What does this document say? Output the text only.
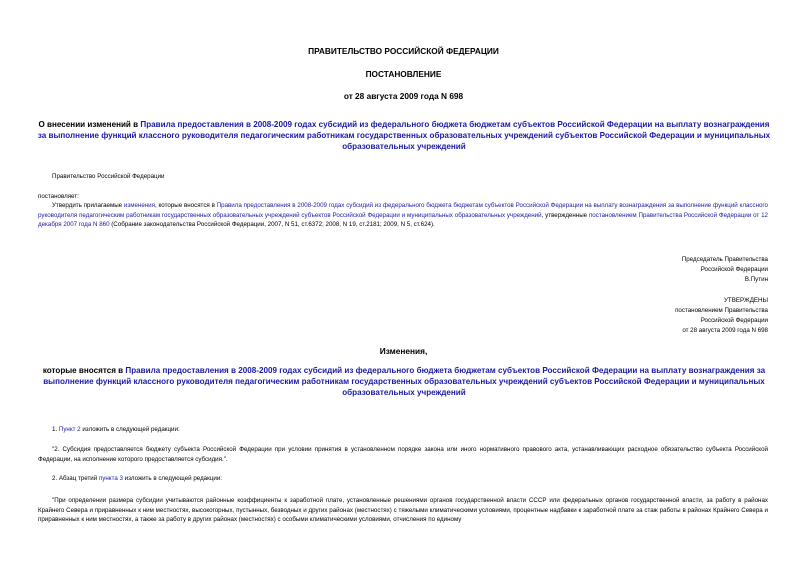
ПРАВИТЕЛЬСТВО РОССИЙСКОЙ ФЕДЕРАЦИИ
ПОСТАНОВЛЕНИЕ
от 28 августа 2009 года N 698
О внесении изменений в Правила предоставления в 2008-2009 годах субсидий из федерального бюджета бюджетам субъектов Российской Федерации на выплату вознаграждения за выполнение функций классного руководителя педагогическим работникам государственных образовательных учреждений субъектов Российской Федерации и муниципальных образовательных учреждений
Правительство Российской Федерации
постановляет:
Утвердить прилагаемые изменения, которые вносятся в Правила предоставления в 2008-2009 годах субсидий из федерального бюджета бюджетам субъектов Российской Федерации на выплату вознаграждения за выполнение функций классного руководителя педагогическим работникам государственных образовательных учреждений субъектов Российской Федерации и муниципальных образовательных учреждений, утвержденные постановлением Правительства Российской Федерации от 12 декабря 2007 года N 860 (Собрание законодательства Российской Федерации, 2007, N 51, ст.6372; 2008, N 19, ст.2181; 2009, N 5, ст.624).
Председатель Правительства
Российской Федерации
В.Путин
УТВЕРЖДЕНЫ
постановлением Правительства
Российской Федерации
от 28 августа 2009 года N 698
Изменения,
которые вносятся в Правила предоставления в 2008-2009 годах субсидий из федерального бюджета бюджетам субъектов Российской Федерации на выплату вознаграждения за выполнение функций классного руководителя педагогическим работникам государственных образовательных учреждений субъектов Российской Федерации и муниципальных образовательных учреждений
1. Пункт 2 изложить в следующей редакции:
"2. Субсидия предоставляется бюджету субъекта Российской Федерации при условии принятия в установленном порядке закона или иного нормативного правового акта, устанавливающих расходное обязательство субъекта Российской Федерации, на исполнение которого предоставляется субсидия.".
2. Абзац третий пункта 3 изложить в следующей редакции:
"При определении размера субсидии учитываются районные коэффициенты к заработной плате, установленные решениями органов государственной власти СССР или федеральных органов государственной власти, за работу в районах Крайнего Севера и приравненных к ним местностях, высокогорных, пустынных, безводных и других районах (местностях) с тяжелыми климатическими условиями, процентные надбавки к заработной плате за стаж работы в районах Крайнего Севера и приравненных к ним местностях, а также за работу в других районах (местностях) с особыми климатическими условиями, отчисления по единому
